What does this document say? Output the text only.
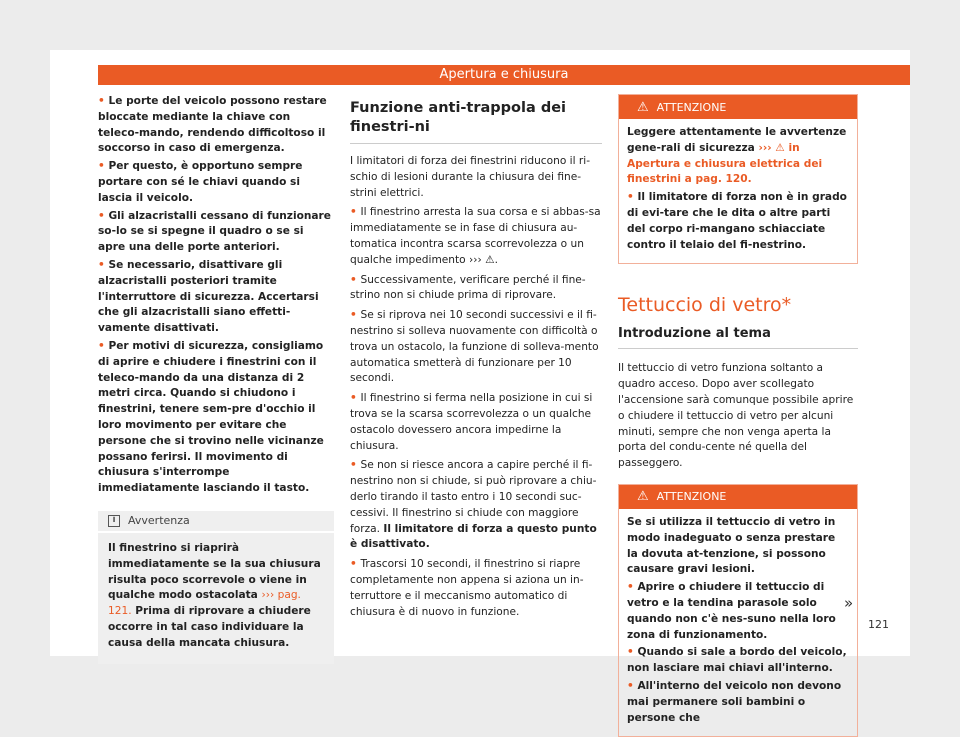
Apertura e chiusura

• Le porte del veicolo possono restare bloccate mediante la chiave con teleco-mando, rendendo difficoltoso il soccorso in caso di emergenza.

• Per questo, è opportuno sempre portare con sé le chiavi quando si lascia il veicolo.

• Gli alzacristalli cessano di funzionare so-lo se si spegne il quadro o se si apre una delle porte anteriori.

• Se necessario, disattivare gli alzacristalli posteriori tramite l'interruttore di sicurezza. Accertarsi che gli alzacristalli siano effetti-vamente disattivati.

• Per motivi di sicurezza, consigliamo di aprire e chiudere i finestrini con il teleco-mando da una distanza di 2 metri circa. Quando si chiudono i finestrini, tenere sem-pre d'occhio il loro movimento per evitare che persone che si trovino nelle vicinanze possano ferirsi. Il movimento di chiusura s'interrompe immediatamente lasciando il tasto.

i	Avvertenza

Il finestrino si riaprirà immediatamente se la sua chiusura risulta poco scorrevole o viene in qualche modo ostacolata ››› pag. 121. Prima di riprovare a chiudere occorre in tal caso individuare la causa della mancata chiusura.

Funzione anti-trappola dei finestri-ni

I limitatori di forza dei finestrini riducono il ri-schio di lesioni durante la chiusura dei fine-strini elettrici.

• Il finestrino arresta la sua corsa e si abbas-sa immediatamente se in fase di chiusura au-tomatica incontra scarsa scorrevolezza o un qualche impedimento ››› ⚠.

• Successivamente, verificare perché il fine-strino non si chiude prima di riprovare.

• Se si riprova nei 10 secondi successivi e il fi-nestrino si solleva nuovamente con difficoltà o trova un ostacolo, la funzione di solleva-mento automatica smetterà di funzionare per 10 secondi.

• Il finestrino si ferma nella posizione in cui si trova se la scarsa scorrevolezza o un qualche ostacolo dovessero ancora impedirne la chiusura.

• Se non si riesce ancora a capire perché il fi-nestrino non si chiude, si può riprovare a chiu-derlo tirando il tasto entro i 10 secondi suc-cessivi. Il finestrino si chiude con maggiore forza. Il limitatore di forza a questo punto è disattivato.

• Trascorsi 10 secondi, il finestrino si riapre completamente non appena si aziona un in-terruttore e il meccanismo automatico di chiusura è di nuovo in funzione.

⚠ ATTENZIONE

Leggere attentamente le avvertenze gene-rali di sicurezza ››› ⚠ in Apertura e chiusura elettrica dei finestrini a pag. 120.

• Il limitatore di forza non è in grado di evi-tare che le dita o altre parti del corpo ri-mangano schiacciate contro il telaio del fi-nestrino.

Tettuccio di vetro*
Introduzione al tema

Il tettuccio di vetro funziona soltanto a quadro acceso. Dopo aver scollegato l'accensione sarà comunque possibile aprire o chiudere il tettuccio di vetro per alcuni minuti, sempre che non venga aperta la porta del condu-cente né quella del passeggero.

⚠ ATTENZIONE

Se si utilizza il tettuccio di vetro in modo inadeguato o senza prestare la dovuta at-tenzione, si possono causare gravi lesioni.

• Aprire o chiudere il tettuccio di vetro e la tendina parasole solo quando non c'è nes-suno nella loro zona di funzionamento.

• Quando si sale a bordo del veicolo, non lasciare mai chiavi all'interno.

• All'interno del veicolo non devono mai permanere soli bambini o persone che

»
121
